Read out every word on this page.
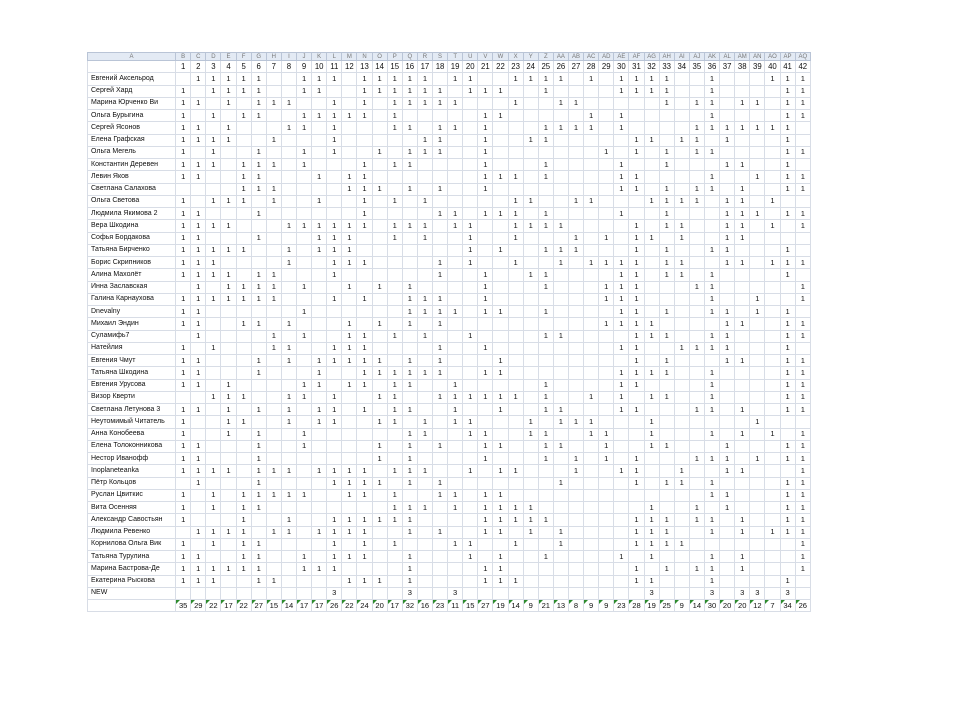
A	B	C	D	E	F	G	H	I	J	K	L	M	N	O	P	Q	R	S	T	U	V	W	X	Y	Z	AA	AB	AC	AD	AE	AF	AG	AH	AI	AJ	AK	AL	AM	AN	AO	AP	AQ
	1	2	3	4	5	6	7	8	9	10	11	12	13	14	15	16	17	18	19	20	21	22	23	24	25	26	27	28	29	30	31	32	33	34	35	36	37	38	39	40	41	42
Евгений Аксельрод		1	1	1	1	1			1	1	1		1	1	1	1	1		1	1			1	1	1	1		1		1	1	1	1			1				1	1	1
Сергей Хард	1		1	1	1	1			1	1			1	1	1	1	1	1		1	1	1			1					1	1	1	1			1					1	1
Марина Юрченко Ви	1	1		1		1	1	1			1		1		1	1	1	1	1				1			1	1						1		1	1		1	1		1	1
Ольга Бурыгина	1		1		1	1			1	1	1	1	1		1						1	1						1		1						1					1	1
Сергей Ясонов	1	1		1				1	1		1				1	1		1	1		1				1	1	1	1		1					1	1	1	1	1	1	1	
Елена Графская	1	1	1	1			1				1						1	1			1			1	1						1	1		1	1		1				1	
Ольга Мегель	1		1			1			1		1			1		1	1	1			1								1		1		1		1	1					1	1
Константин Деревен	1	1	1		1	1	1		1				1		1	1					1				1					1			1				1	1			1	
Левин Яков	1	1			1	1				1		1	1								1	1	1		1					1	1					1			1		1	1
Светлана Салахова					1	1	1					1	1	1		1		1			1									1	1		1		1	1		1			1	1
Ольга Светова	1		1	1	1		1			1			1		1		1						1	1			1	1				1	1	1	1		1	1		1		
Людмила Якимова 2	1	1				1							1					1	1		1	1	1		1					1			1				1	1	1		1	1
Вера Шкодина	1	1	1	1				1	1	1	1	1	1		1	1	1		1	1			1	1	1	1					1		1	1			1	1		1		1
Софья Бордакова	1	1				1				1	1	1			1		1			1			1				1		1		1	1		1			1	1				
Татьяна Бирченко	1	1	1	1	1			1		1	1	1								1		1			1	1	1				1		1			1	1				1	
Борис Скрипников	1	1	1					1			1	1	1					1		1			1			1		1	1	1	1		1	1			1	1		1	1	1
Алина Махолёт	1	1	1	1		1	1				1							1			1			1	1					1	1		1	1		1					1	
Инна Заславская		1		1	1	1	1		1			1		1		1					1				1				1	1	1				1	1						1
Галина Карнаухова	1	1	1	1	1	1	1				1		1			1	1	1			1								1	1	1					1			1			1
Dnevalny	1	1							1							1	1	1	1		1	1			1					1	1		1			1	1		1		1	
Михаил Эндин	1	1			1	1		1				1		1		1		1											1	1	1	1					1	1			1	1
Суламифь7		1					1		1			1	1		1		1			1					1	1					1	1	1			1	1				1	1
Натейлия	1		1				1	1			1	1	1					1			1									1	1			1	1	1	1				1	
Евгения Чмут	1	1				1		1		1	1	1	1	1		1		1				1									1		1				1	1			1	1
Татьяна Шкодина	1	1				1				1			1	1	1	1	1	1			1	1								1	1	1	1			1					1	1
Евгения Урусова	1	1		1					1	1		1	1		1	1			1						1					1	1					1					1	1
Визор Кверти			1	1	1			1	1		1			1	1			1	1	1	1	1	1		1			1		1		1	1			1					1	1
Светлана Летунова 3	1	1		1		1		1		1	1		1		1	1			1			1			1	1				1	1				1	1		1			1	1
Неутомимый Читатель	1			1	1			1		1	1			1	1		1		1	1				1		1	1	1				1							1			
Анна Конобеева	1			1		1			1							1	1			1	1			1	1			1	1			1				1		1		1		1
Елена Толоконникова	1	1				1			1					1		1		1			1	1			1	1			1			1	1				1				1	1
Нестор Иванофф	1	1				1								1		1					1				1		1		1		1				1	1	1		1		1	1
Inoplaneteanka	1	1	1	1		1	1	1		1	1	1	1		1	1	1			1		1	1				1			1	1			1			1	1				1
Пётр Кольцов		1				1					1	1	1	1		1		1								1					1		1	1		1					1	1
Руслан Цвиткис	1		1		1	1	1	1	1			1	1		1			1	1		1	1														1	1				1	1
Вита Осенняя	1		1		1	1									1	1	1		1		1	1	1	1								1			1		1				1	1
Александр Савостьян	1				1			1			1	1	1	1	1	1					1	1	1	1	1						1	1	1		1	1		1			1	1
Людмила Ревенко		1	1	1	1		1	1		1	1	1	1			1		1			1	1		1		1					1	1	1			1		1		1	1	1
Корнилова Ольга Вик	1		1		1	1					1		1		1				1	1			1			1					1	1	1	1								1
Татьяна Турулина	1	1			1	1			1		1	1	1			1				1		1			1					1		1				1		1				1
Марина Бастрова-Де	1	1	1	1	1	1			1	1	1					1					1	1									1		1		1	1		1				1
Екатерина Рыскова	1	1	1			1	1					1	1	1		1					1	1	1								1	1				1					1	
NEW											3					3			3													3				3		3	3		3	
	35	29	22	17	22	27	15	14	17	17	26	22	24	20	17	32	16	23	11	15	27	19	14	9	21	13	8	9	9	23	28	19	25	9	14	30	20	20	12	7	34	26
